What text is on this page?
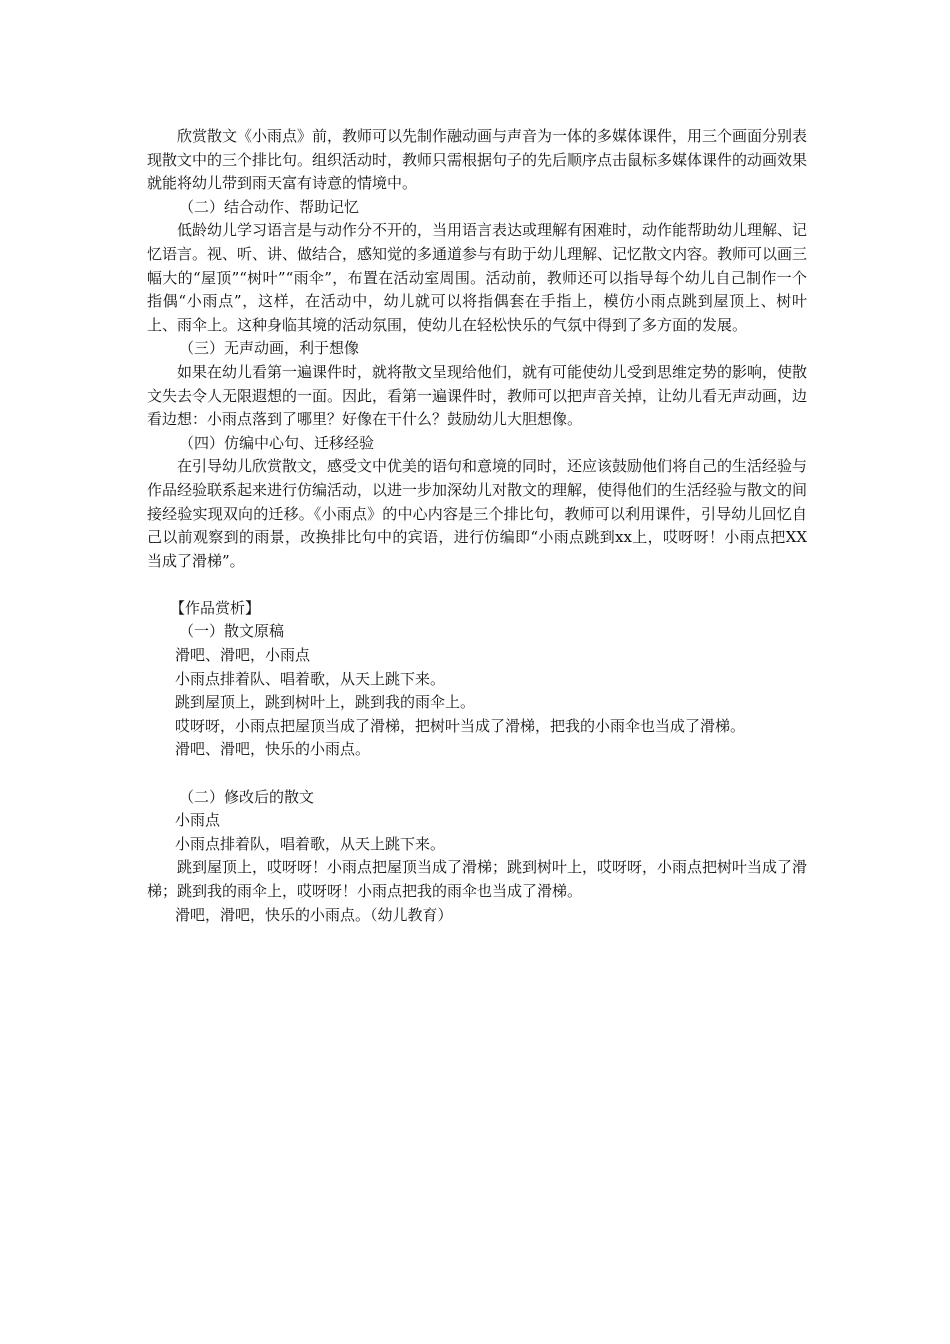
欣赏散文《小雨点》前，教师可以先制作融动画与声音为一体的多媒体课件，用三个画面分别表现散文中的三个排比句。组织活动时，教师只需根据句子的先后顺序点击鼠标多媒体课件的动画效果就能将幼儿带到雨天富有诗意的情境中。

（二）结合动作、帮助记忆

低龄幼儿学习语言是与动作分不开的，当用语言表达或理解有困难时，动作能帮助幼儿理解、记忆语言。视、听、讲、做结合，感知觉的多通道参与有助于幼儿理解、记忆散文内容。教师可以画三幅大的“屋顶”“树叶”“雨伞”，布置在活动室周围。活动前，教师还可以指导每个幼儿自己制作一个指偶“小雨点”，这样，在活动中，幼儿就可以将指偶套在手指上，模仿小雨点跳到屋顶上、树叶上、雨伞上。这种身临其境的活动氛围，使幼儿在轻松快乐的气氛中得到了多方面的发展。

（三）无声动画，利于想像

如果在幼儿看第一遍课件时，就将散文呈现给他们，就有可能使幼儿受到思维定势的影响，使散文失去令人无限遐想的一面。因此，看第一遍课件时，教师可以把声音关掉，让幼儿看无声动画，边看边想：小雨点落到了哪里？好像在干什么？鼓励幼儿大胆想像。

（四）仿编中心句、迁移经验

在引导幼儿欣赏散文，感受文中优美的语句和意境的同时，还应该鼓励他们将自己的生活经验与作品经验联系起来进行仿编活动，以进一步加深幼儿对散文的理解，使得他们的生活经验与散文的间接经验实现双向的迁移。《小雨点》的中心内容是三个排比句，教师可以利用课件，引导幼儿回忆自己以前观察到的雨景，改换排比句中的宾语，进行仿编即“小雨点跳到xx上，哎呀呀！小雨点把XX当成了滑梯”。

【作品赏析】

（一）散文原稿

滑吧、滑吧，小雨点

小雨点排着队、唱着歌，从天上跳下来。

跳到屋顶上，跳到树叶上，跳到我的雨伞上。

哎呀呀，小雨点把屋顶当成了滑梯，把树叶当成了滑梯，把我的小雨伞也当成了滑梯。

滑吧、滑吧，快乐的小雨点。

（二）修改后的散文

小雨点

小雨点排着队，唱着歌，从天上跳下来。

跳到屋顶上，哎呀呀！小雨点把屋顶当成了滑梯；跳到树叶上，哎呀呀，小雨点把树叶当成了滑梯；跳到我的雨伞上，哎呀呀！小雨点把我的雨伞也当成了滑梯。

滑吧，滑吧，快乐的小雨点。（幼儿教育）
